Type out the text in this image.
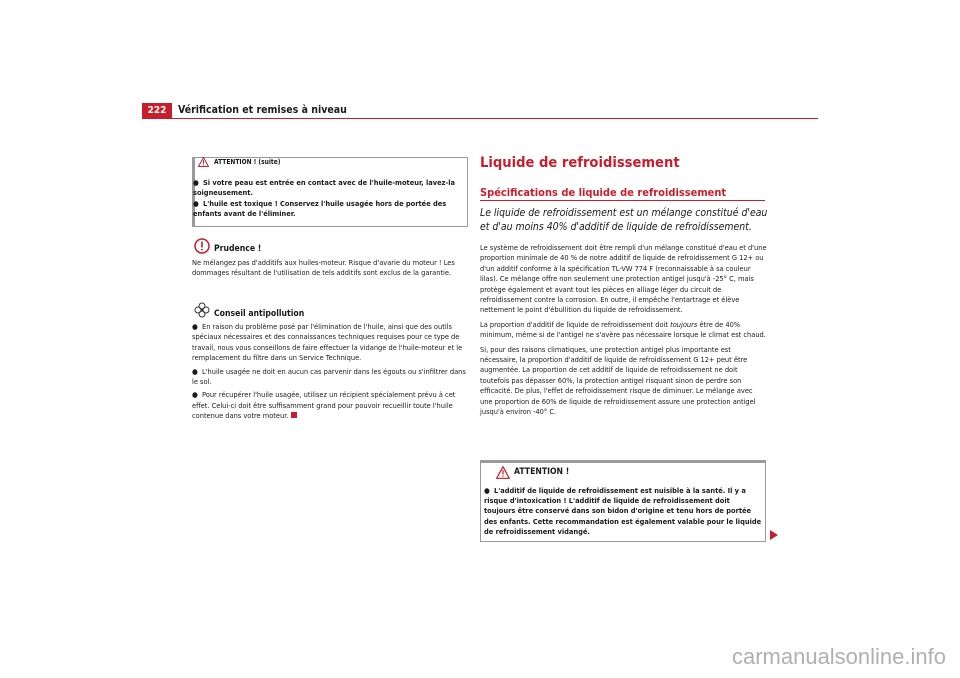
222	Vérification et remises à niveau
ATTENTION ! (suite)

● Si votre peau est entrée en contact avec de l'huile-moteur, lavez-la soigneusement.

● L'huile est toxique ! Conservez l'huile usagée hors de portée des enfants avant de l'éliminer.

Prudence !

Ne mélangez pas d'additifs aux huiles-moteur. Risque d'avarie du moteur ! Les dommages résultant de l'utilisation de tels additifs sont exclus de la garantie.

Conseil antipollution

● En raison du problème posé par l'élimination de l'huile, ainsi que des outils spéciaux nécessaires et des connaissances techniques requises pour ce type de travail, nous vous conseillons de faire effectuer la vidange de l'huile-moteur et le remplacement du filtre dans un Service Technique.

● L'huile usagée ne doit en aucun cas parvenir dans les égouts ou s'infiltrer dans le sol.

● Pour récupérer l'huile usagée, utilisez un récipient spécialement prévu à cet effet. Celui-ci doit être suffisamment grand pour pouvoir recueillir toute l'huile contenue dans votre moteur.

Liquide de refroidissement
Spécifications de liquide de refroidissement

Le liquide de refroidissement est un mélange constitué d'eau et d'au moins 40% d'additif de liquide de refroidissement.

Le système de refroidissement doit être rempli d'un mélange constitué d'eau et d'une proportion minimale de 40 % de notre additif de liquide de refroidissement G 12+ ou d'un additif conforme à la spécification TL-VW 774 F (reconnaissable à sa couleur lilas). Ce mélange offre non seulement une protection antigel jusqu'à -25° C, mais protège également et avant tout les pièces en alliage léger du circuit de refroidissement contre la corrosion. En outre, il empêche l'entartrage et élève nettement le point d'ébullition du liquide de refroidissement.

La proportion d'additif de liquide de refroidissement doit toujours être de 40% minimum, même si de l'antigel ne s'avère pas nécessaire lorsque le climat est chaud.

Si, pour des raisons climatiques, une protection antigel plus importante est nécessaire, la proportion d'additif de liquide de refroidissement G 12+ peut être augmentée. La proportion de cet additif de liquide de refroidissement ne doit toutefois pas dépasser 60%, la protection antigel risquant sinon de perdre son efficacité. De plus, l'effet de refroidissement risque de diminuer. Le mélange avec une proportion de 60% de liquide de refroidissement assure une protection antigel jusqu'à environ -40° C.

ATTENTION !

● L'additif de liquide de refroidissement est nuisible à la santé. Il y a risque d'intoxication ! L'additif de liquide de refroidissement doit toujours être conservé dans son bidon d'origine et tenu hors de portée des enfants. Cette recommandation est également valable pour le liquide de refroidissement vidangé.

carmanualsonline.info
